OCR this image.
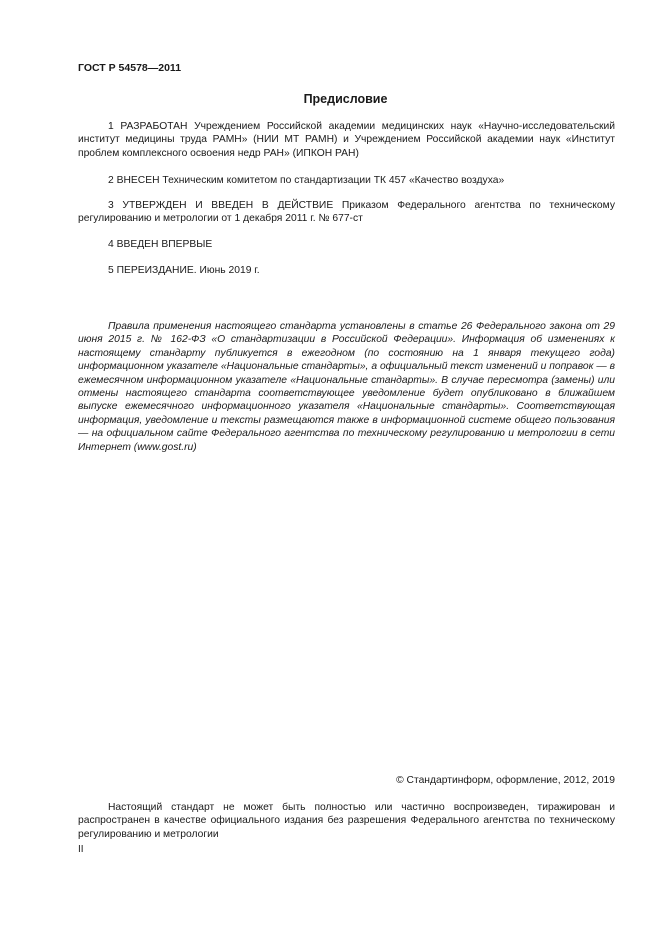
ГОСТ Р 54578—2011
Предисловие

1 РАЗРАБОТАН Учреждением Российской академии медицинских наук «Научно-исследовательский институт медицины труда РАМН» (НИИ МТ РАМН) и Учреждением Российской академии наук «Институт проблем комплексного освоения недр РАН» (ИПКОН РАН)

2 ВНЕСЕН Техническим комитетом по стандартизации ТК 457 «Качество воздуха»

3 УТВЕРЖДЕН И ВВЕДЕН В ДЕЙСТВИЕ Приказом Федерального агентства по техническому регулированию и метрологии от 1 декабря 2011 г. № 677-ст

4 ВВЕДЕН ВПЕРВЫЕ

5 ПЕРЕИЗДАНИЕ. Июнь 2019 г.

Правила применения настоящего стандарта установлены в статье 26 Федерального закона от 29 июня 2015 г. № 162-ФЗ «О стандартизации в Российской Федерации». Информация об изменениях к настоящему стандарту публикуется в ежегодном (по состоянию на 1 января текущего года) информационном указателе «Национальные стандарты», а официальный текст изменений и поправок — в ежемесячном информационном указателе «Национальные стандарты». В случае пересмотра (замены) или отмены настоящего стандарта соответствующее уведомление будет опубликовано в ближайшем выпуске ежемесячного информационного указателя «Национальные стандарты». Соответствующая информация, уведомление и тексты размещаются также в информационной системе общего пользования — на официальном сайте Федерального агентства по техническому регулированию и метрологии в сети Интернет (www.gost.ru)

© Стандартинформ, оформление, 2012, 2019

Настоящий стандарт не может быть полностью или частично воспроизведен, тиражирован и распространен в качестве официального издания без разрешения Федерального агентства по техническому регулированию и метрологии

II
